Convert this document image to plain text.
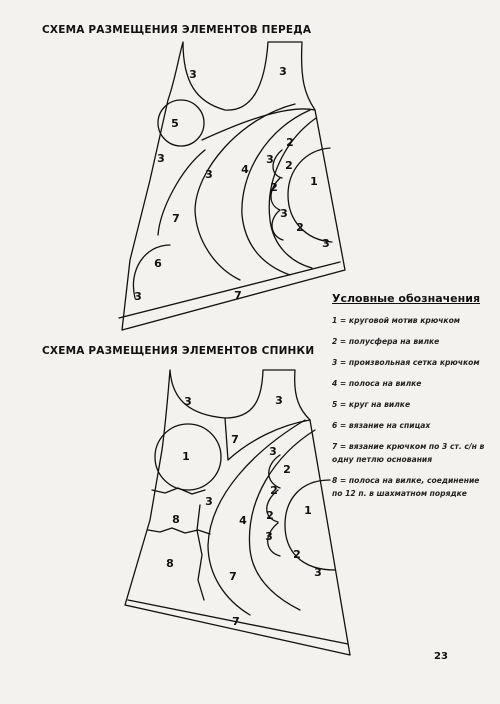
СХЕМА РАЗМЕЩЕНИЯ ЭЛЕМЕНТОВ ПЕРЕДА
СХЕМА РАЗМЕЩЕНИЯ ЭЛЕМЕНТОВ СПИНКИ
3	3
5
3
3	4
2
2	1
3
2
3
2
3
7
6
3	7
3	3
7
1	3
2
2
3
8	4
2
1
3
2
8
3
7
7
Условные обозначения
1 = круговой мотив крючком
2 = полусфера на вилке
3 = произвольная сетка крючком
4 = полоса на вилке
5 = круг на вилке
6 = вязание на спицах
7 = вязание крючком по 3 ст. с/н в одну петлю основания
8 = полоса на вилке, соединение по 12 п. в шахматном порядке
23
